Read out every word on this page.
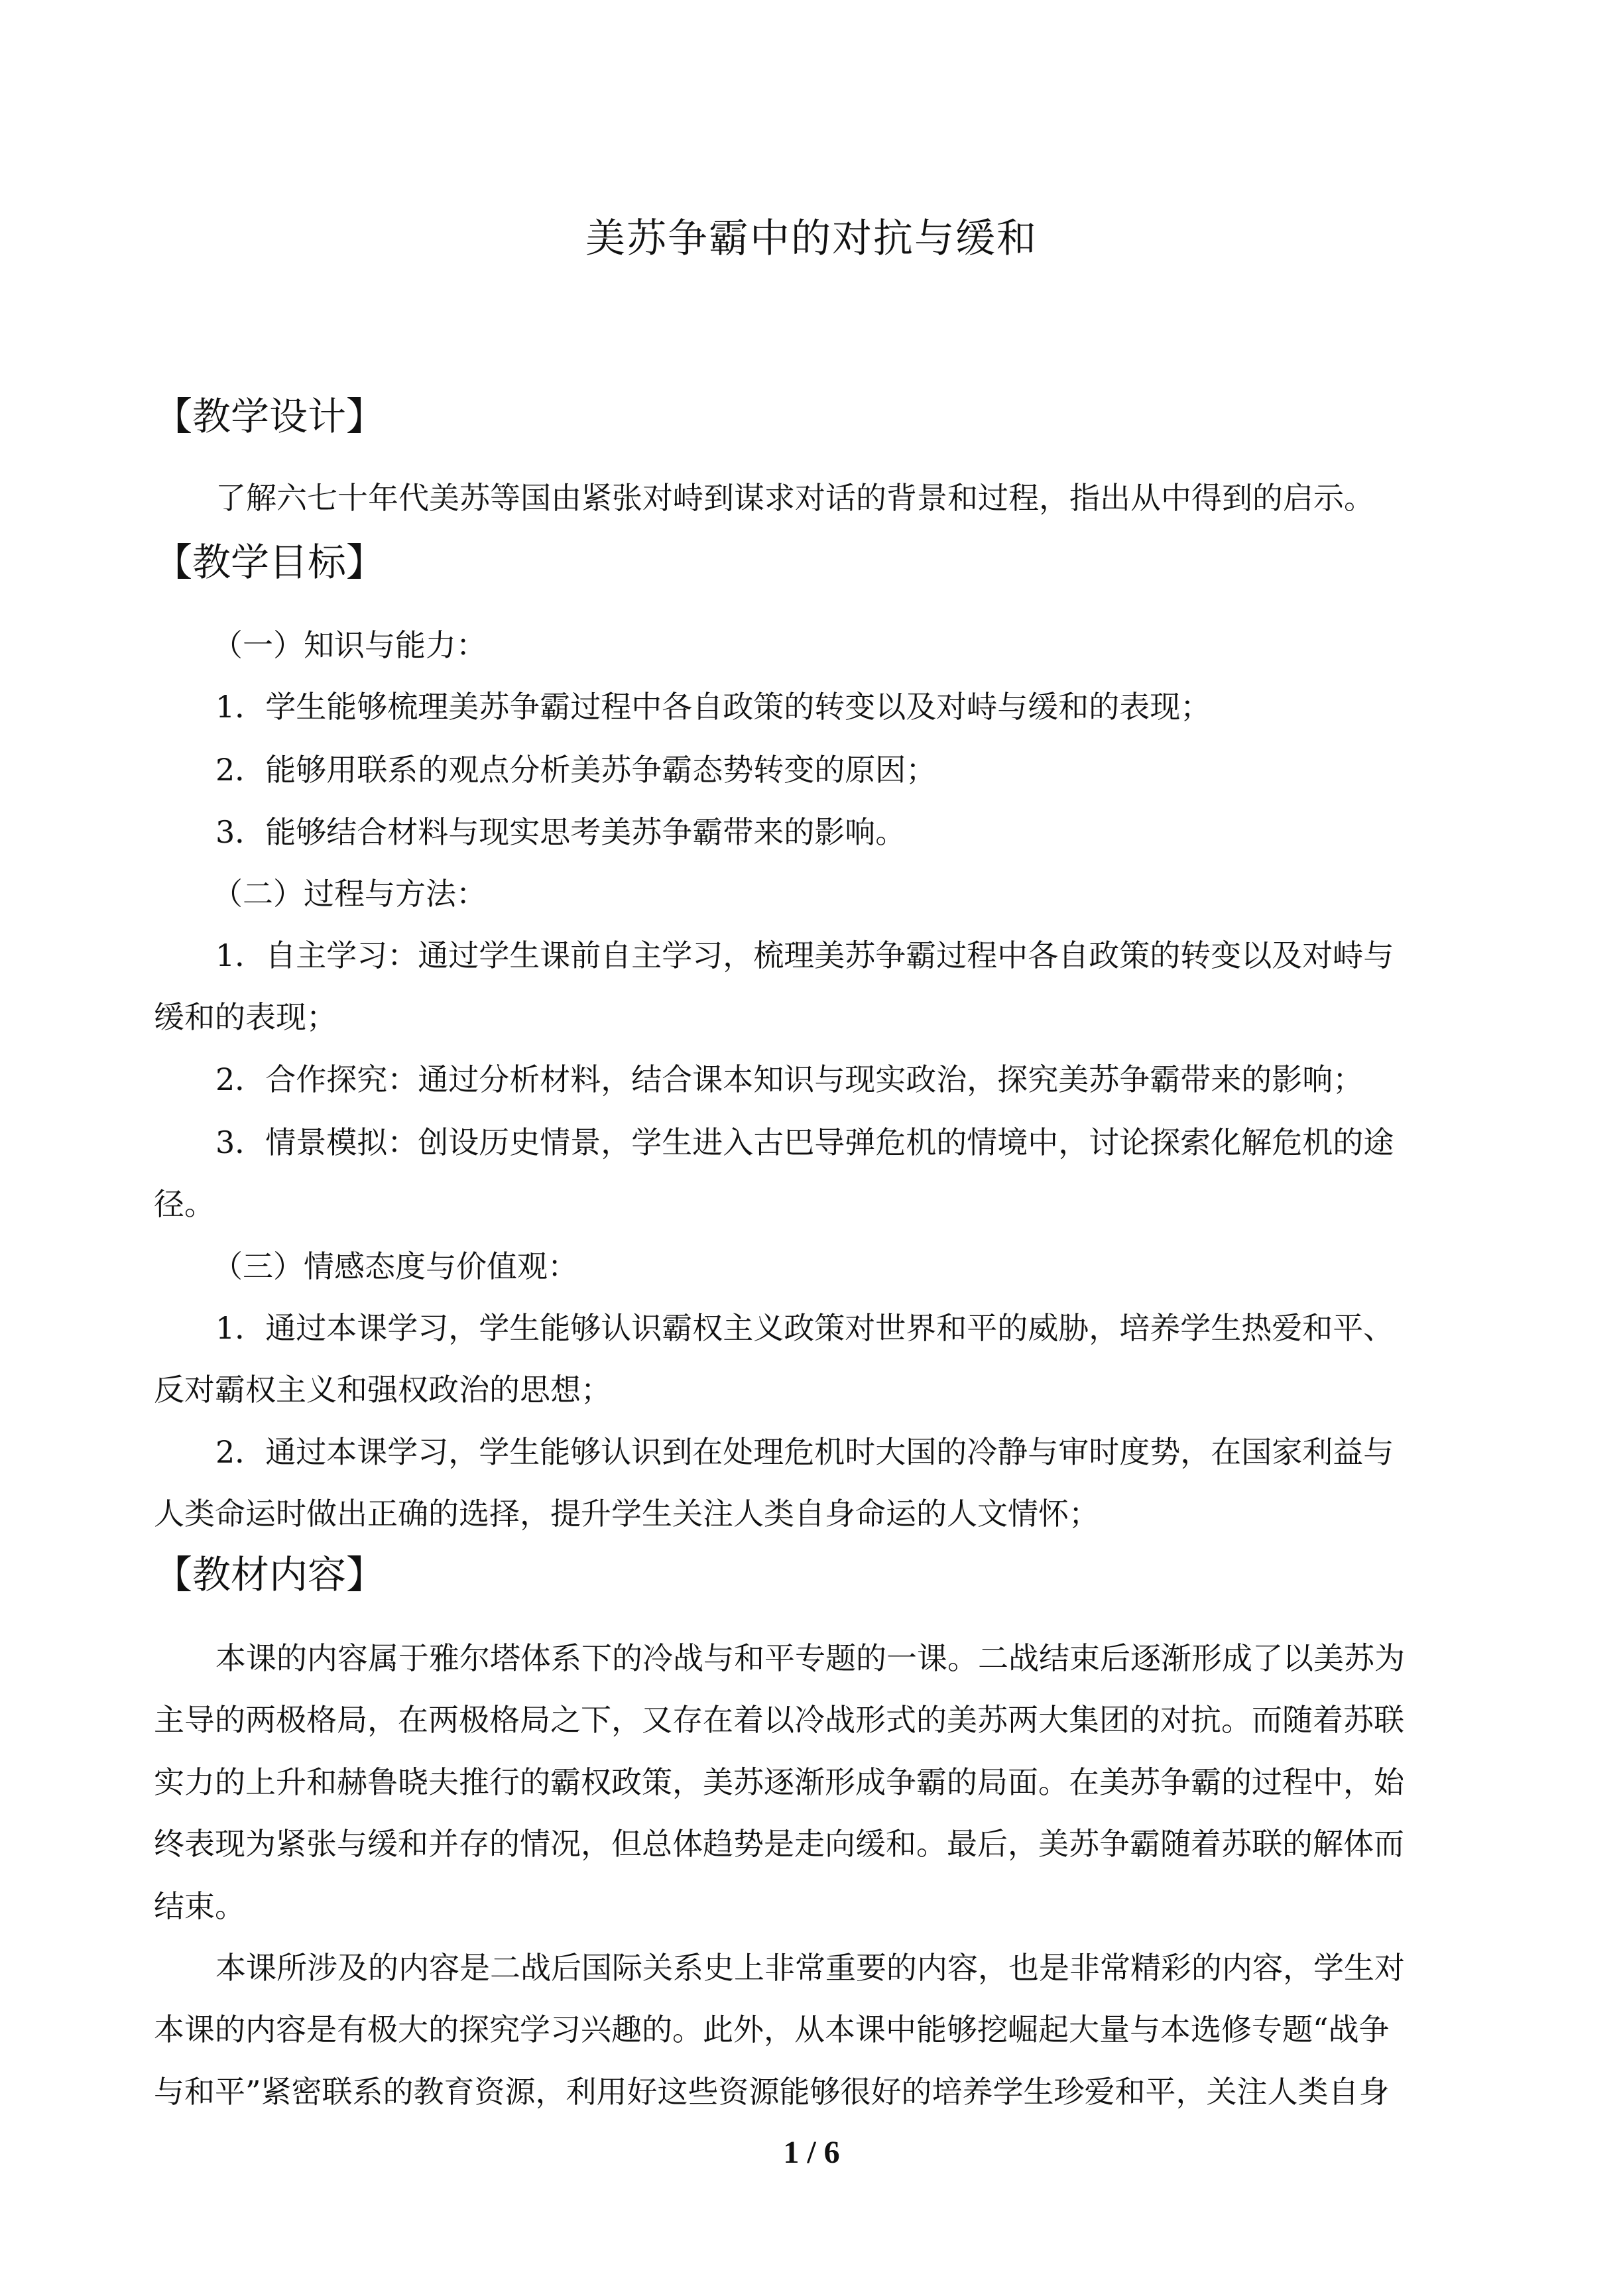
美苏争霸中的对抗与缓和
【教学设计】
了解六七十年代美苏等国由紧张对峙到谋求对话的背景和过程，指出从中得到的启示。
【教学目标】
（一）知识与能力：
1．学生能够梳理美苏争霸过程中各自政策的转变以及对峙与缓和的表现；
2．能够用联系的观点分析美苏争霸态势转变的原因；
3．能够结合材料与现实思考美苏争霸带来的影响。
（二）过程与方法：
1．自主学习：通过学生课前自主学习，梳理美苏争霸过程中各自政策的转变以及对峙与
缓和的表现；
2．合作探究：通过分析材料，结合课本知识与现实政治，探究美苏争霸带来的影响；
3．情景模拟：创设历史情景，学生进入古巴导弹危机的情境中，讨论探索化解危机的途
径。
（三）情感态度与价值观：
1．通过本课学习，学生能够认识霸权主义政策对世界和平的威胁，培养学生热爱和平、
反对霸权主义和强权政治的思想；
2．通过本课学习，学生能够认识到在处理危机时大国的冷静与审时度势，在国家利益与
人类命运时做出正确的选择，提升学生关注人类自身命运的人文情怀；
【教材内容】
本课的内容属于雅尔塔体系下的冷战与和平专题的一课。二战结束后逐渐形成了以美苏为
主导的两极格局，在两极格局之下，又存在着以冷战形式的美苏两大集团的对抗。而随着苏联
实力的上升和赫鲁晓夫推行的霸权政策，美苏逐渐形成争霸的局面。在美苏争霸的过程中，始
终表现为紧张与缓和并存的情况，但总体趋势是走向缓和。最后，美苏争霸随着苏联的解体而
结束。
本课所涉及的内容是二战后国际关系史上非常重要的内容，也是非常精彩的内容，学生对
本课的内容是有极大的探究学习兴趣的。此外，从本课中能够挖崛起大量与本选修专题“战争
与和平”紧密联系的教育资源，利用好这些资源能够很好的培养学生珍爱和平，关注人类自身
1 / 6
